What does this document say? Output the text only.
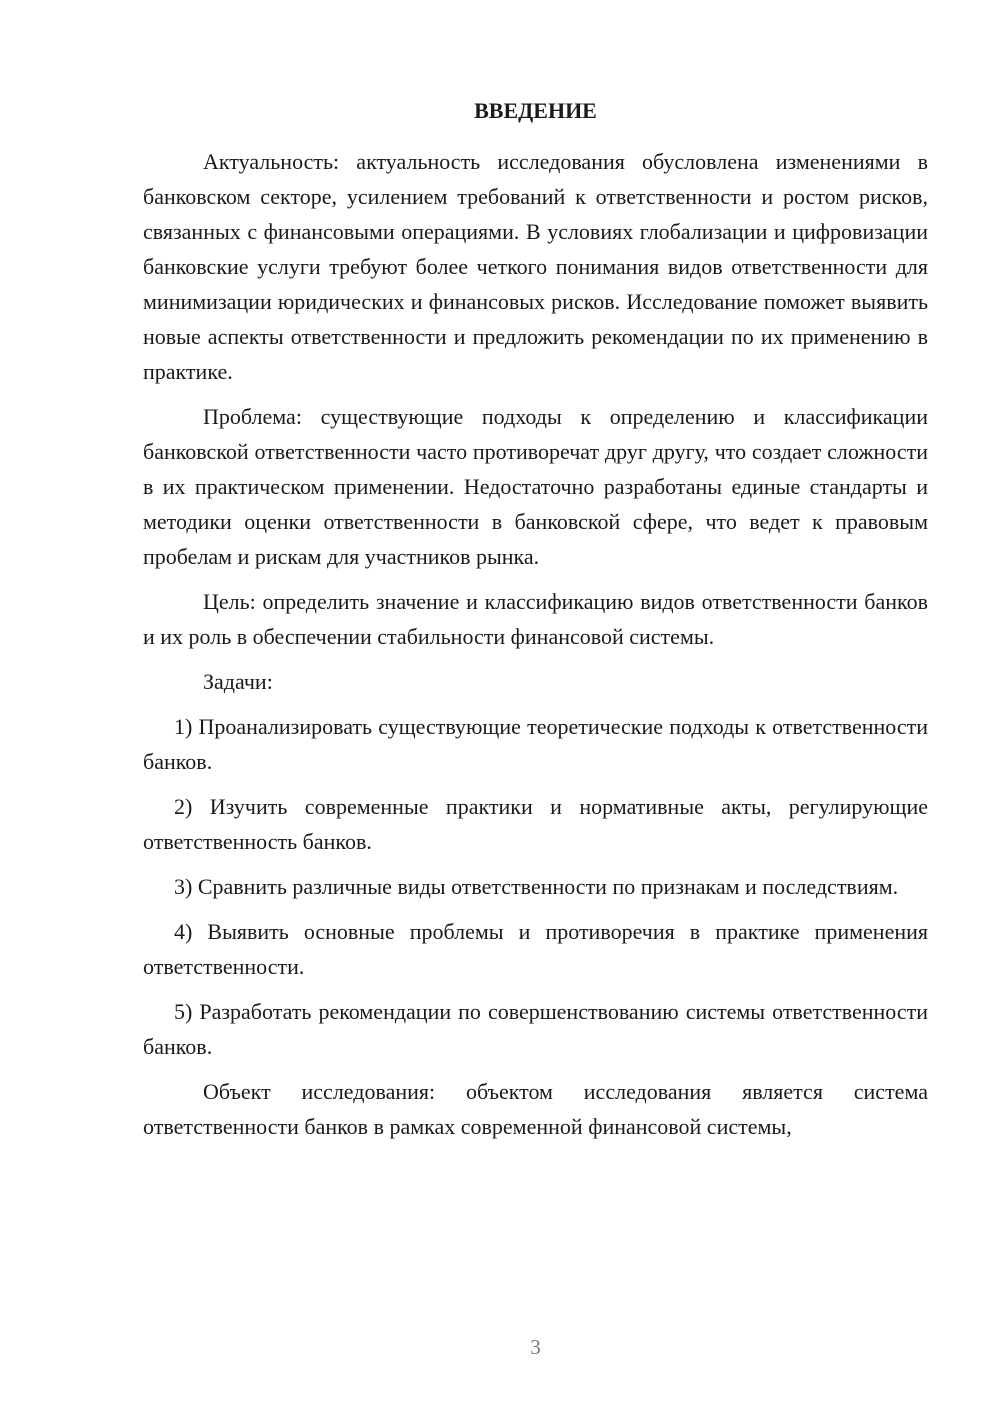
ВВЕДЕНИЕ

Актуальность: актуальность исследования обусловлена изменениями в банковском секторе, усилением требований к ответственности и ростом рисков, связанных с финансовыми операциями. В условиях глобализации и цифровизации банковские услуги требуют более четкого понимания видов ответственности для минимизации юридических и финансовых рисков. Исследование поможет выявить новые аспекты ответственности и предложить рекомендации по их применению в практике.

Проблема: существующие подходы к определению и классификации банковской ответственности часто противоречат друг другу, что создает сложности в их практическом применении. Недостаточно разработаны единые стандарты и методики оценки ответственности в банковской сфере, что ведет к правовым пробелам и рискам для участников рынка.

Цель: определить значение и классификацию видов ответственности банков и их роль в обеспечении стабильности финансовой системы.

Задачи:

1) Проанализировать существующие теоретические подходы к ответственности банков.

2) Изучить современные практики и нормативные акты, регулирующие ответственность банков.

3) Сравнить различные виды ответственности по признакам и последствиям.

4) Выявить основные проблемы и противоречия в практике применения ответственности.

5) Разработать рекомендации по совершенствованию системы ответственности банков.

Объект исследования: объектом исследования является система ответственности банков в рамках современной финансовой системы,

3
